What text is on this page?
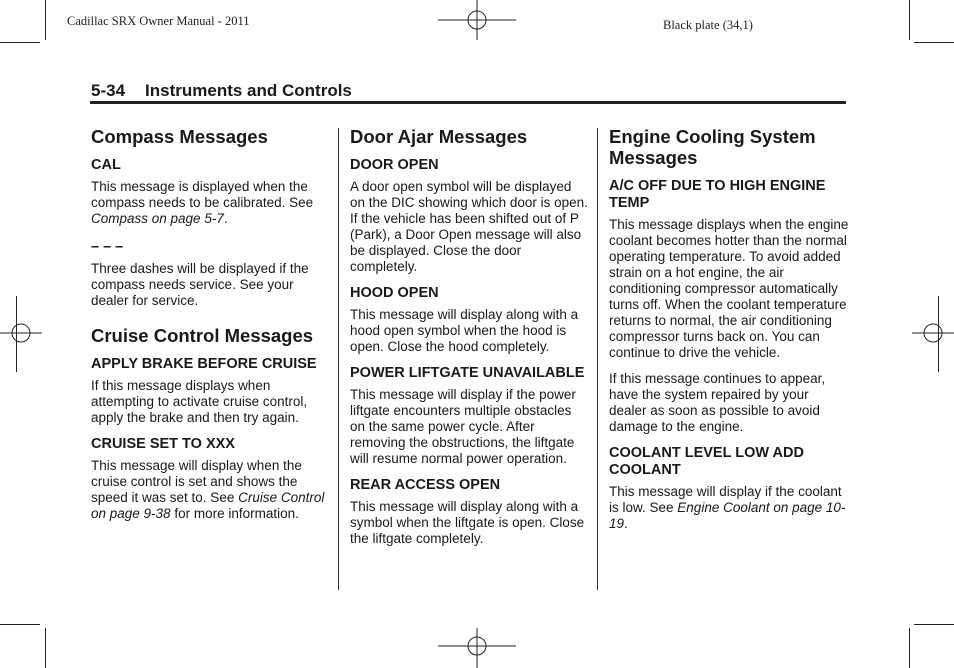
Cadillac SRX Owner Manual - 2011	Black plate (34,1)
5-34 Instruments and Controls
Compass Messages
CAL

This message is displayed when the compass needs to be calibrated. See Compass on page 5-7.

– – –

Three dashes will be displayed if the compass needs service. See your dealer for service.

Cruise Control Messages
APPLY BRAKE BEFORE CRUISE

If this message displays when attempting to activate cruise control, apply the brake and then try again.

CRUISE SET TO XXX

This message will display when the cruise control is set and shows the speed it was set to. See Cruise Control on page 9-38 for more information.

Door Ajar Messages
DOOR OPEN

A door open symbol will be displayed on the DIC showing which door is open. If the vehicle has been shifted out of P (Park), a Door Open message will also be displayed. Close the door completely.

HOOD OPEN

This message will display along with a hood open symbol when the hood is open. Close the hood completely.

POWER LIFTGATE UNAVAILABLE

This message will display if the power liftgate encounters multiple obstacles on the same power cycle. After removing the obstructions, the liftgate will resume normal power operation.

REAR ACCESS OPEN

This message will display along with a symbol when the liftgate is open. Close the liftgate completely.

Engine Cooling System Messages
A/C OFF DUE TO HIGH ENGINE TEMP

This message displays when the engine coolant becomes hotter than the normal operating temperature. To avoid added strain on a hot engine, the air conditioning compressor automatically turns off. When the coolant temperature returns to normal, the air conditioning compressor turns back on. You can continue to drive the vehicle.

If this message continues to appear, have the system repaired by your dealer as soon as possible to avoid damage to the engine.

COOLANT LEVEL LOW ADD COOLANT

This message will display if the coolant is low. See Engine Coolant on page 10-19.
